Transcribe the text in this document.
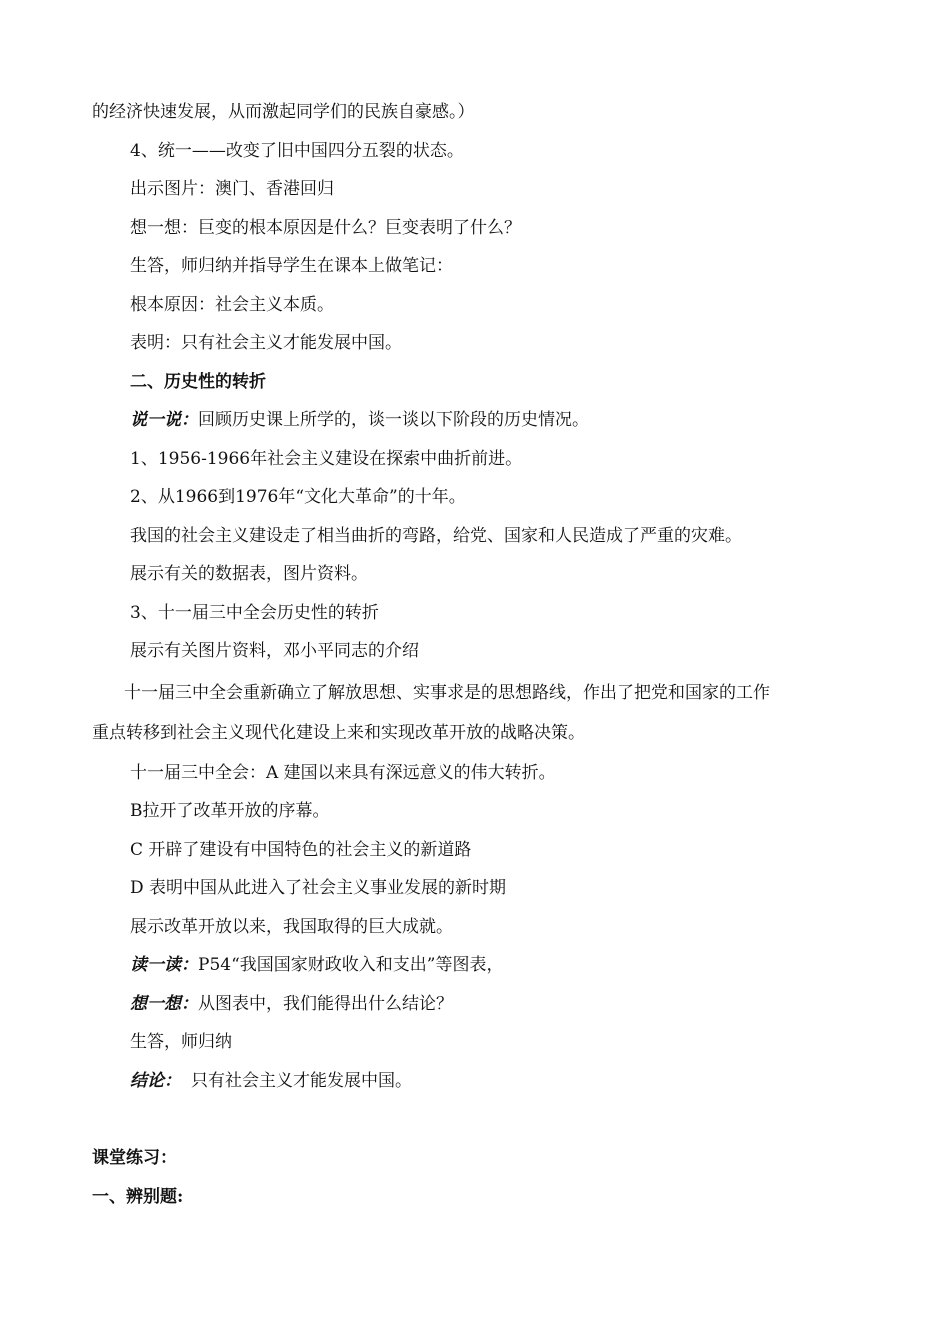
的经济快速发展，从而激起同学们的民族自豪感。）
4、统一——改变了旧中国四分五裂的状态。
出示图片：澳门、香港回归
想一想：巨变的根本原因是什么？巨变表明了什么？
生答，师归纳并指导学生在课本上做笔记：
根本原因：社会主义本质。
表明：只有社会主义才能发展中国。
二、历史性的转折
说一说：回顾历史课上所学的，谈一谈以下阶段的历史情况。
1、1956-1966年社会主义建设在探索中曲折前进。
2、从1966到1976年“文化大革命”的十年。
我国的社会主义建设走了相当曲折的弯路，给党、国家和人民造成了严重的灾难。
展示有关的数据表，图片资料。
3、十一届三中全会历史性的转折
展示有关图片资料，邓小平同志的介绍
十一届三中全会重新确立了解放思想、实事求是的思想路线，作出了把党和国家的工作
重点转移到社会主义现代化建设上来和实现改革开放的战略决策。
十一届三中全会：A 建国以来具有深远意义的伟大转折。
B拉开了改革开放的序幕。
C 开辟了建设有中国特色的社会主义的新道路
D 表明中国从此进入了社会主义事业发展的新时期
展示改革开放以来，我国取得的巨大成就。
读一读：P54“我国国家财政收入和支出”等图表，
想一想：从图表中，我们能得出什么结论？
生答，师归纳
结论： 只有社会主义才能发展中国。
课堂练习：
一、辨别题:
